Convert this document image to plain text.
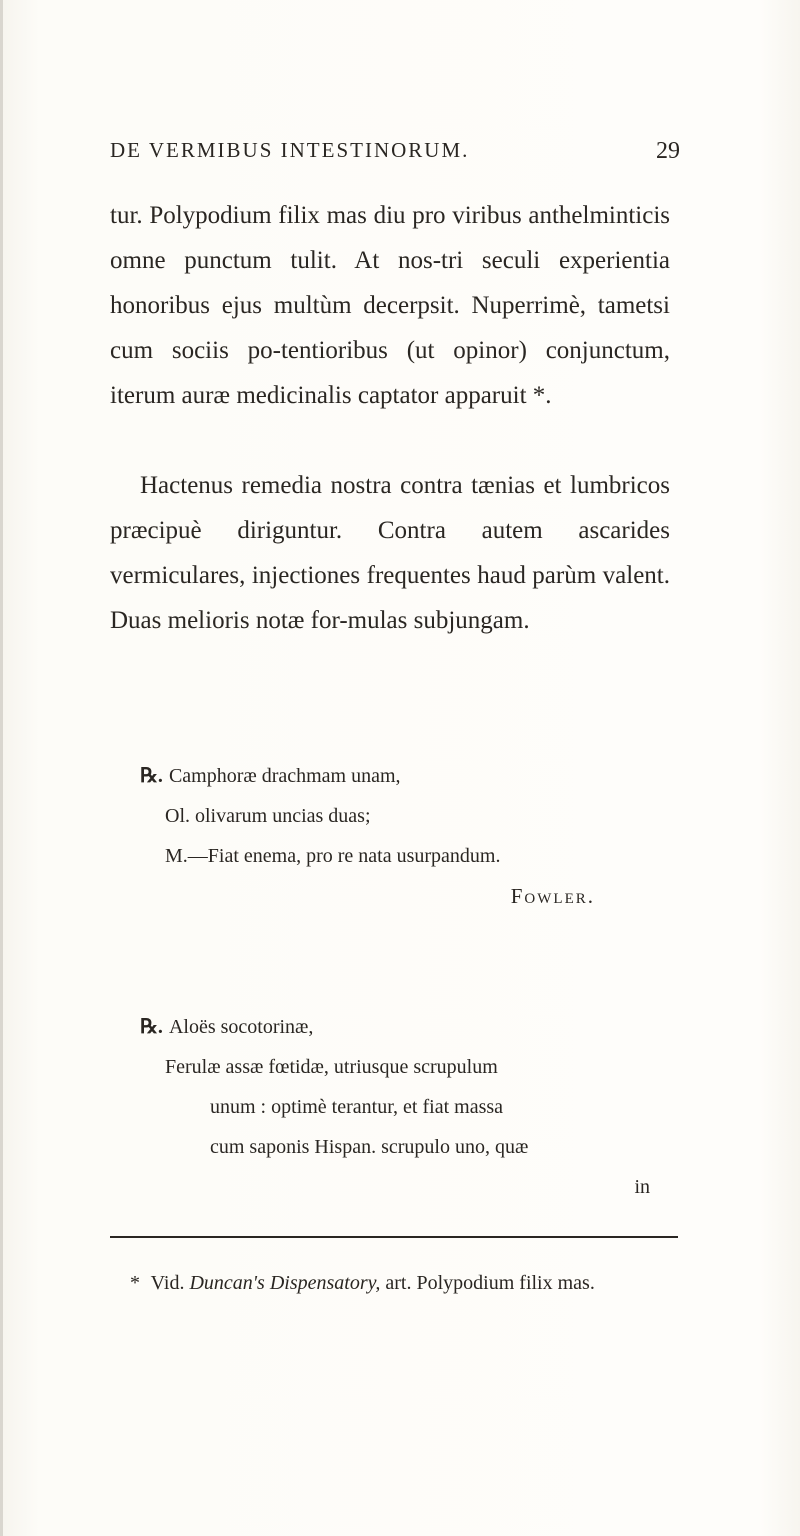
DE VERMIBUS INTESTINORUM.	29

tur. Polypodium filix mas diu pro viribus anthelminticis omne punctum tulit. At nos-tri seculi experientia honoribus ejus multùm decerpsit. Nuperrimè, tametsi cum sociis po-tentioribus (ut opinor) conjunctum, iterum auræ medicinalis captator apparuit *.

Hactenus remedia nostra contra tænias et lumbricos præcipuè diriguntur. Contra autem ascarides vermiculares, injectiones frequentes haud parùm valent. Duas melioris notæ for-mulas subjungam.

℞. Camphoræ drachmam unam,
Ol. olivarum uncias duas;
M.—Fiat enema, pro re nata usurpandum.
Fowler.
℞. Aloës socotorinæ,
Ferulæ assæ fœtidæ, utriusque scrupulum
unum : optimè terantur, et fiat massa
cum saponis Hispan. scrupulo uno, quæ
in
* Vid. Duncan's Dispensatory, art. Polypodium filix mas.
